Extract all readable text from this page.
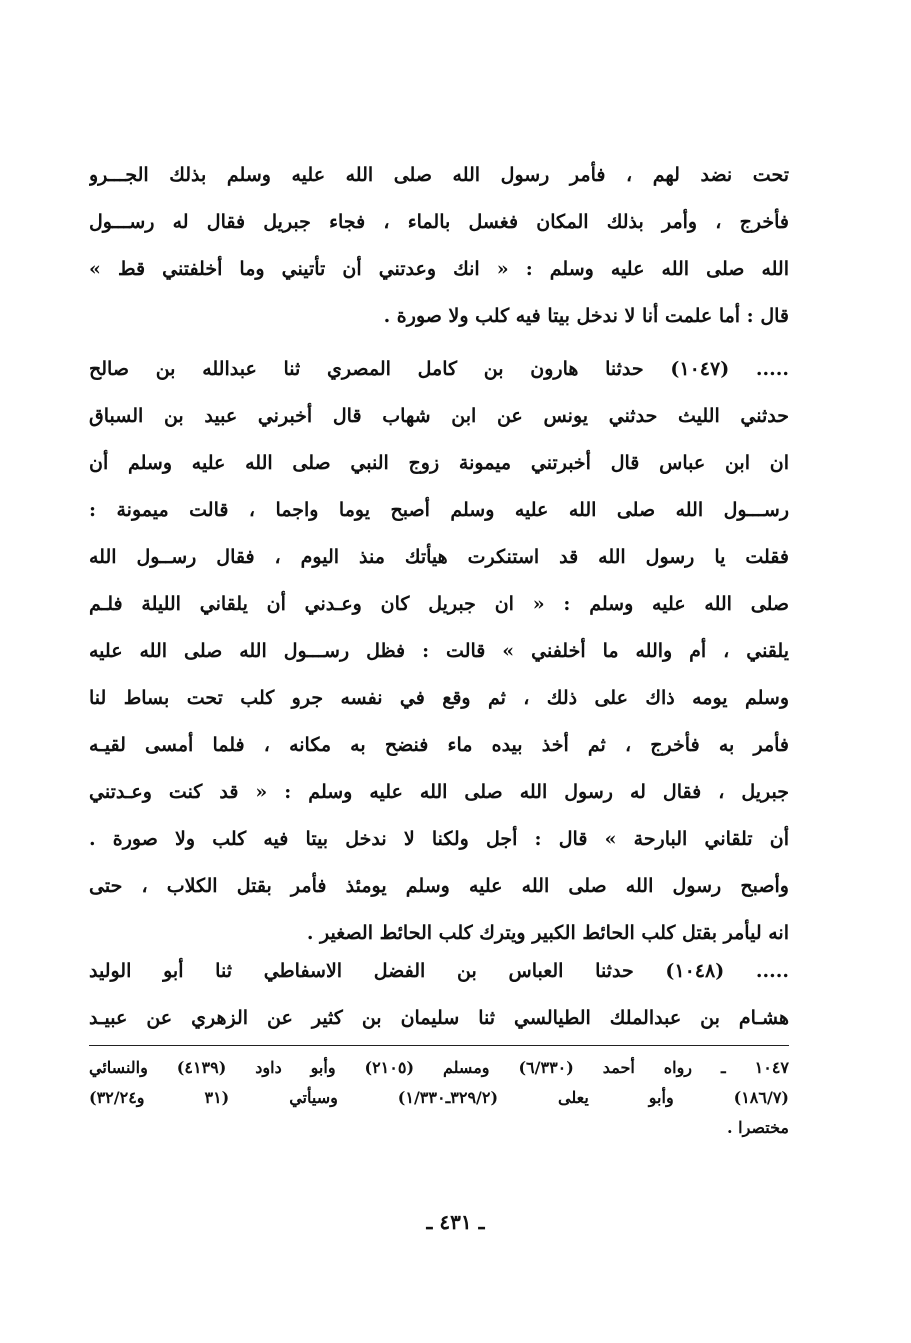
تحت نضد لهم ، فأمر رسول الله صلى الله عليه وسلم بذلك الجـــرو
فأخرج ، وأمر بذلك المكان فغسل بالماء ، فجاء جبريل فقال له رســـول
الله صلى الله عليه وسلم : « انك وعدتني أن تأتيني وما أخلفتني قط »
قال : أما علمت أنا لا ندخل بيتا فيه كلب ولا صورة .
..... (١٠٤٧) حدثنا هارون بن كامل المصري ثنا عبدالله بن صالح
حدثني الليث حدثني يونس عن ابن شهاب قال أخبرني عبيد بن السباق
ان ابن عباس قال أخبرتني ميمونة زوج النبي صلى الله عليه وسلم أن
رســـول الله صلى الله عليه وسلم أصبح يوما واجما ، قالت ميمونة :
فقلت يا رسول الله قد استنكرت هيأتك منذ اليوم ، فقال رســول الله
صلى الله عليه وسلم : « ان جبريل كان وعـدني أن يلقاني الليلة فلـم
يلقني ، أم والله ما أخلفني » قالت : فظل رســـول الله صلى الله عليه
وسلم يومه ذاك على ذلك ، ثم وقع في نفسه جرو كلب تحت بساط لنا
فأمر به فأخرج ، ثم أخذ بيده ماء فنضح به مكانه ، فلما أمسى لقيـه
جبريل ، فقال له رسول الله صلى الله عليه وسلم : « قد كنت وعـدتني
أن تلقاني البارحة » قال : أجل ولكنا لا ندخل بيتا فيه كلب ولا صورة .
وأصبح رسول الله صلى الله عليه وسلم يومئذ فأمر بقتل الكلاب ، حتى
انه ليأمر بقتل كلب الحائط الكبير ويترك كلب الحائط الصغير .
..... (١٠٤٨) حدثنا العباس بن الفضل الاسفاطي ثنا أبو الوليد
هشـام بن عبدالملك الطيالسي ثنا سليمان بن كثير عن الزهري عن عبيـد
١٠٤٧ ـ رواه أحمد (٦/٣٣٠) ومسلم (٢١٠٥) وأبو داود (٤١٣٩) والنسائي
(١٨٦/٧) وأبو يعلى (٣٢٩/٢ـ١/٣٣٠) وسيأتي (٣١ و٣٢/٢٤)
مختصرا .
ـ ٤٣١ ـ
